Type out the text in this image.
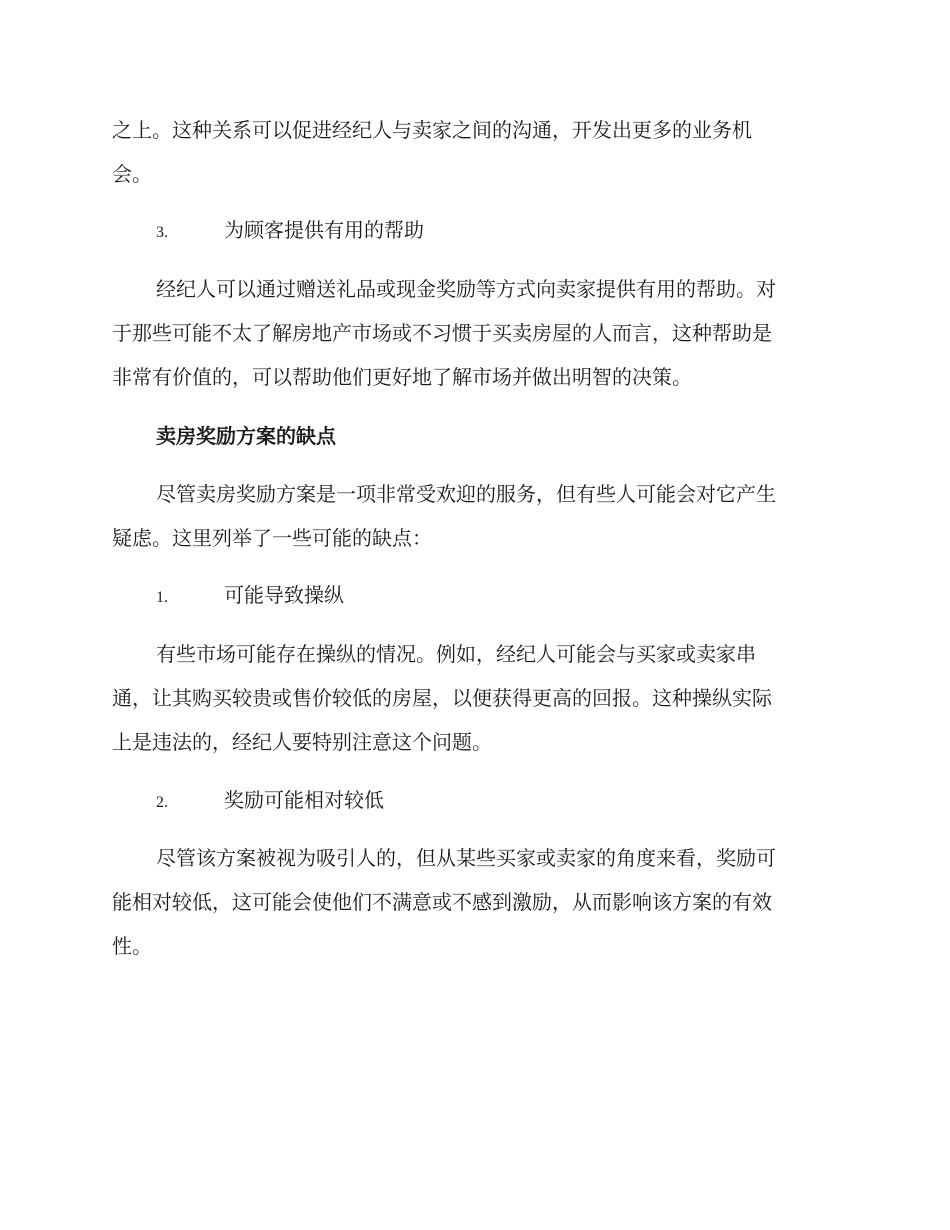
之上。这种关系可以促进经纪人与卖家之间的沟通，开发出更多的业务机
会。

3.	为顾客提供有用的帮助

经纪人可以通过赠送礼品或现金奖励等方式向卖家提供有用的帮助。对
于那些可能不太了解房地产市场或不习惯于买卖房屋的人而言，这种帮助是
非常有价值的，可以帮助他们更好地了解市场并做出明智的决策。

卖房奖励方案的缺点

尽管卖房奖励方案是一项非常受欢迎的服务，但有些人可能会对它产生
疑虑。这里列举了一些可能的缺点：

1.	可能导致操纵

有些市场可能存在操纵的情况。例如，经纪人可能会与买家或卖家串
通，让其购买较贵或售价较低的房屋，以便获得更高的回报。这种操纵实际
上是违法的，经纪人要特别注意这个问题。

2.	奖励可能相对较低

尽管该方案被视为吸引人的，但从某些买家或卖家的角度来看，奖励可
能相对较低，这可能会使他们不满意或不感到激励，从而影响该方案的有效
性。
